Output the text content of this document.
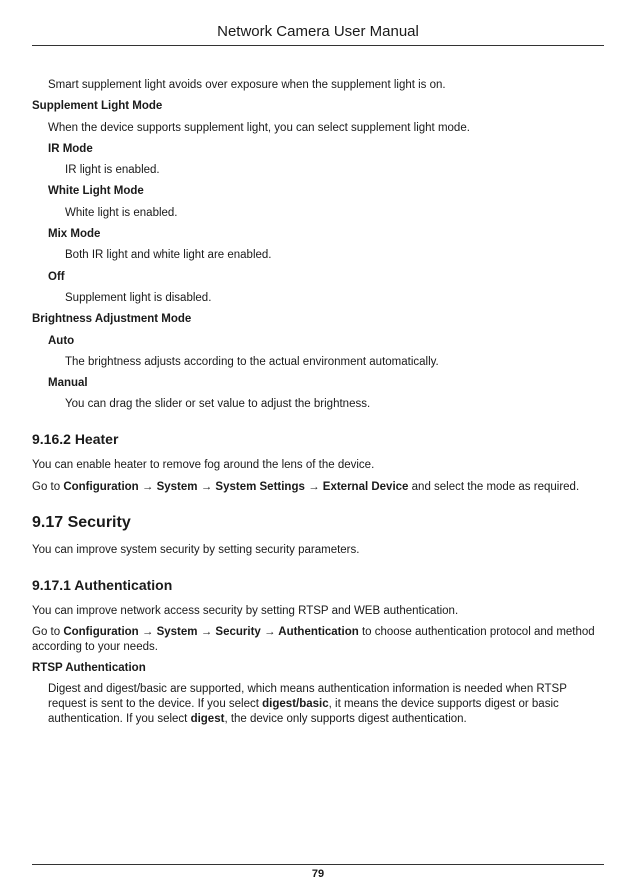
Network Camera User Manual
Smart supplement light avoids over exposure when the supplement light is on.
Supplement Light Mode
When the device supports supplement light, you can select supplement light mode.
IR Mode
IR light is enabled.
White Light Mode
White light is enabled.
Mix Mode
Both IR light and white light are enabled.
Off
Supplement light is disabled.
Brightness Adjustment Mode
Auto
The brightness adjusts according to the actual environment automatically.
Manual
You can drag the slider or set value to adjust the brightness.
9.16.2 Heater
You can enable heater to remove fog around the lens of the device.
Go to Configuration → System → System Settings → External Device and select the mode as required.
9.17 Security
You can improve system security by setting security parameters.
9.17.1 Authentication
You can improve network access security by setting RTSP and WEB authentication.
Go to Configuration → System → Security → Authentication to choose authentication protocol and method according to your needs.
RTSP Authentication
Digest and digest/basic are supported, which means authentication information is needed when RTSP request is sent to the device. If you select digest/basic, it means the device supports digest or basic authentication. If you select digest, the device only supports digest authentication.
79
